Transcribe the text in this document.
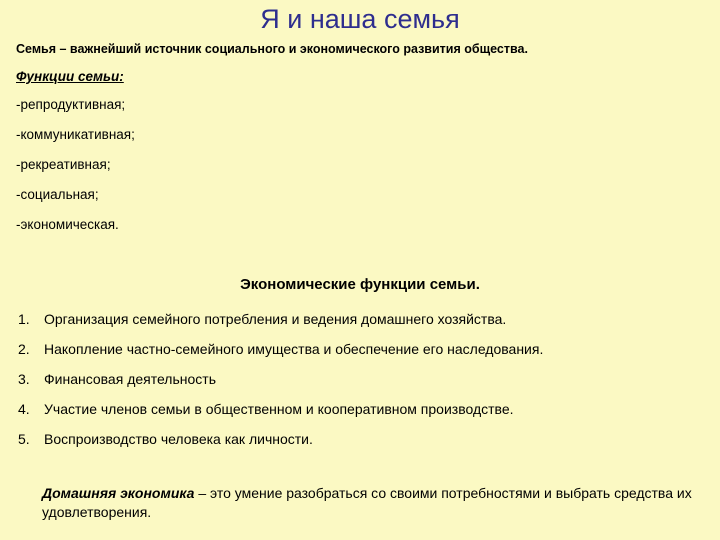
Я и наша семья
Семья – важнейший источник социального и экономического развития общества.
Функции семьи:
-репродуктивная;
-коммуникативная;
-рекреативная;
-социальная;
-экономическая.
Экономические функции семьи.
1.	Организация семейного потребления и ведения домашнего хозяйства.
2.	Накопление частно-семейного имущества и обеспечение его наследования.
3.	Финансовая деятельность
4.	Участие членов семьи в общественном и кооперативном производстве.
5.	Воспроизводство человека как личности.
Домашняя экономика – это умение разобраться со своими потребностями и выбрать средства их удовлетворения.
